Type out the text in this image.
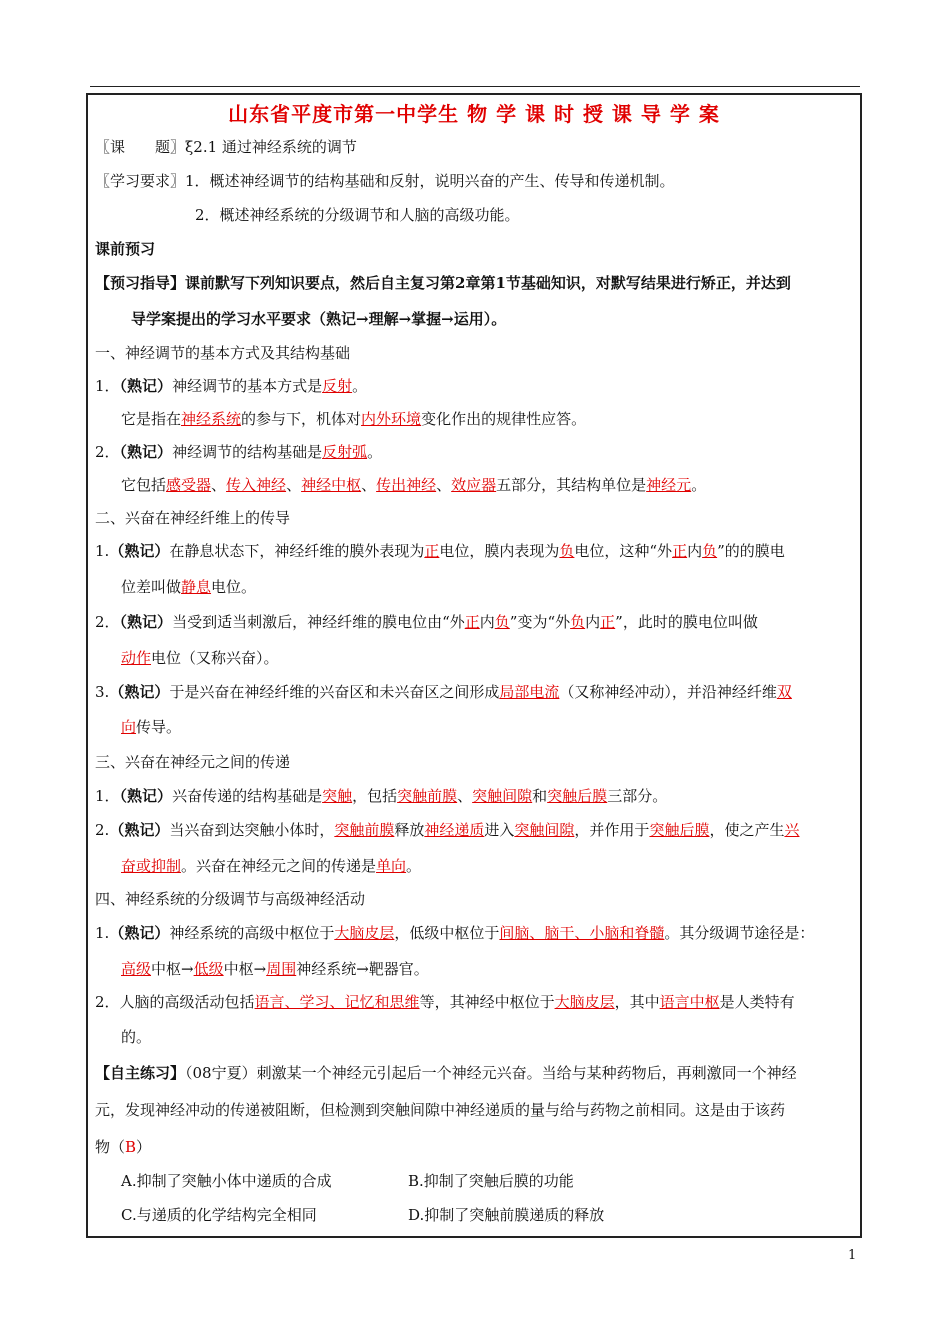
山东省平度市第一中学生 物 学 课 时 授 课 导 学 案
〖课　　题〗ξ2.1 通过神经系统的调节
〖学习要求〗1．概述神经调节的结构基础和反射，说明兴奋的产生、传导和传递机制。
2．概述神经系统的分级调节和人脑的高级功能。
课前预习
【预习指导】课前默写下列知识要点，然后自主复习第2章第1节基础知识，对默写结果进行矫正，并达到
导学案提出的学习水平要求（熟记→理解→掌握→运用）。
一、神经调节的基本方式及其结构基础
1．（熟记）神经调节的基本方式是反射。
它是指在神经系统的参与下，机体对内外环境变化作出的规律性应答。
2．（熟记）神经调节的结构基础是反射弧。
它包括感受器、传入神经、神经中枢、传出神经、效应器五部分，其结构单位是神经元。
二、兴奋在神经纤维上的传导
1.（熟记）在静息状态下，神经纤维的膜外表现为正电位，膜内表现为负电位，这种“外正内负”的的膜电
位差叫做静息电位。
2．（熟记）当受到适当刺激后，神经纤维的膜电位由“外正内负”变为“外负内正”，此时的膜电位叫做
动作电位（又称兴奋）。
3.（熟记）于是兴奋在神经纤维的兴奋区和未兴奋区之间形成局部电流（又称神经冲动），并沿神经纤维双
向传导。
三、兴奋在神经元之间的传递
1．（熟记）兴奋传递的结构基础是突触，包括突触前膜、突触间隙和突触后膜三部分。
2.（熟记）当兴奋到达突触小体时，突触前膜释放神经递质进入突触间隙，并作用于突触后膜，使之产生兴
奋或抑制。兴奋在神经元之间的传递是单向。
四、神经系统的分级调节与高级神经活动
1.（熟记）神经系统的高级中枢位于大脑皮层，低级中枢位于间脑、脑干、小脑和脊髓。其分级调节途径是：
高级中枢→低级中枢→周围神经系统→靶器官。
2．人脑的高级活动包括语言、学习、记忆和思维等，其神经中枢位于大脑皮层，其中语言中枢是人类特有
的。
【自主练习】（08宁夏）刺激某一个神经元引起后一个神经元兴奋。当给与某种药物后，再刺激同一个神经
元，发现神经冲动的传递被阻断，但检测到突触间隙中神经递质的量与给与药物之前相同。这是由于该药
物（B）
A.抑制了突触小体中递质的合成	B.抑制了突触后膜的功能
C.与递质的化学结构完全相同	D.抑制了突触前膜递质的释放
1
